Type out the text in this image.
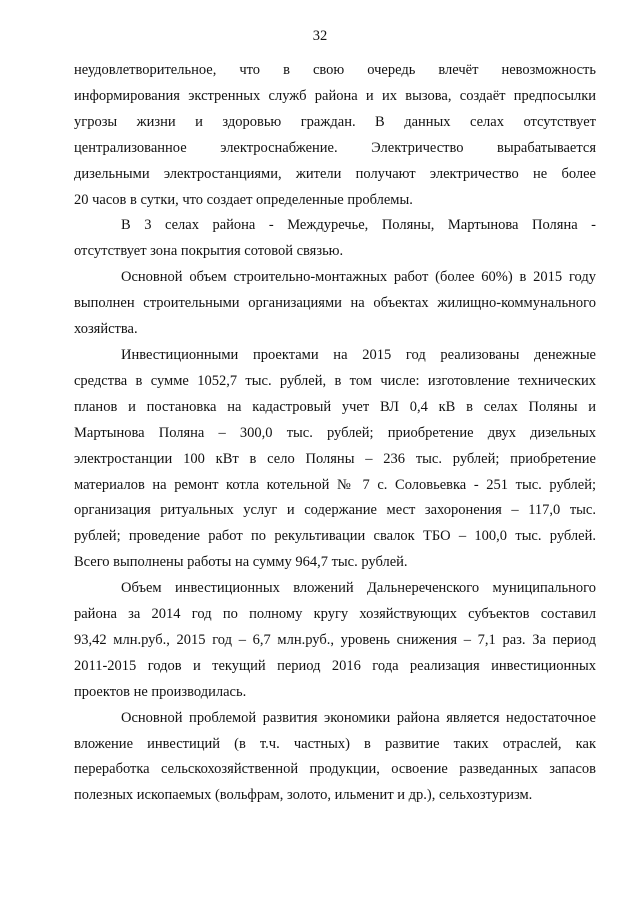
32
неудовлетворительное, что в свою очередь влечёт невозможность
информирования экстренных служб района и их вызова, создаёт предпосылки
угрозы жизни и здоровью граждан. В данных селах отсутствует
централизованное электроснабжение. Электричество вырабатывается
дизельными электростанциями, жители получают электричество не более
20 часов в сутки, что создает определенные проблемы.
В 3 селах района - Междуречье, Поляны, Мартынова Поляна -
отсутствует зона покрытия сотовой связью.
Основной объем строительно-монтажных работ (более 60%) в 2015 году
выполнен строительными организациями на объектах жилищно-коммунального
хозяйства.
Инвестиционными проектами на 2015 год реализованы денежные
средства в сумме 1052,7 тыс. рублей, в том числе: изготовление технических
планов и постановка на кадастровый учет ВЛ 0,4 кВ в селах Поляны и
Мартынова Поляна – 300,0 тыс. рублей; приобретение двух дизельных
электростанции 100 кВт в село Поляны – 236 тыс. рублей; приобретение
материалов на ремонт котла котельной № 7 с. Соловьевка - 251 тыс. рублей;
организация ритуальных услуг и содержание мест захоронения – 117,0 тыс.
рублей; проведение работ по рекультивации свалок ТБО – 100,0 тыс. рублей.
Всего выполнены работы на сумму 964,7 тыс. рублей.
Объем инвестиционных вложений Дальнереченского муниципального
района за 2014 год по полному кругу хозяйствующих субъектов составил
93,42 млн.руб., 2015 год – 6,7 млн.руб., уровень снижения – 7,1 раз. За период
2011-2015 годов и текущий период 2016 года реализация инвестиционных
проектов не производилась.
Основной проблемой развития экономики района является недостаточное
вложение инвестиций (в т.ч. частных) в развитие таких отраслей, как
переработка сельскохозяйственной продукции, освоение разведанных запасов
полезных ископаемых (вольфрам, золото, ильменит и др.), сельхозтуризм.
